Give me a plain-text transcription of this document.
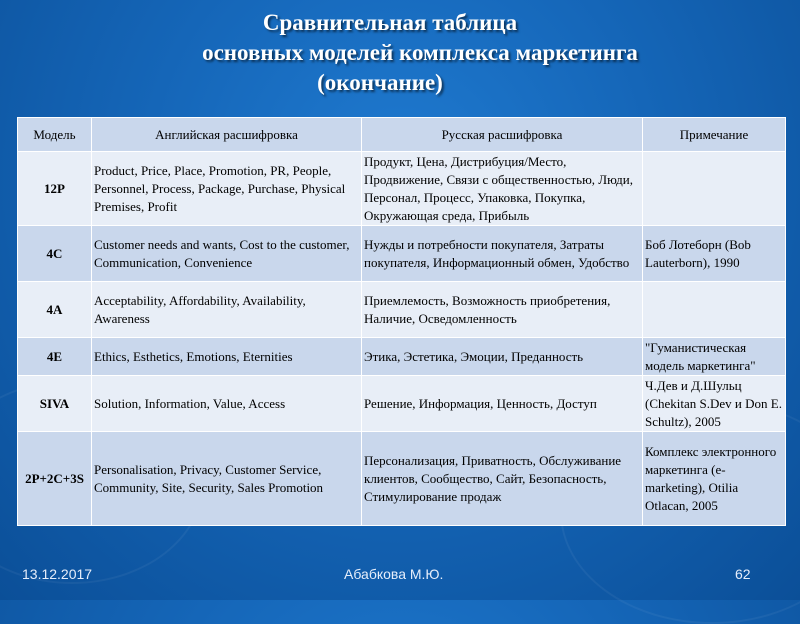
Сравнительная таблица
основных моделей комплекса маркетинга
(окончание)
Модель	Английская расшифровка	Русская расшифровка	Примечание
12P	Product, Price, Place, Promotion, PR, People, Personnel, Process, Package, Purchase, Physical Premises, Profit	Продукт, Цена, Дистрибуция/Место, Продвижение, Связи с общественностью, Люди, Персонал, Процесс, Упаковка, Покупка, Окружающая среда, Прибыль	
4C	Customer needs and wants, Cost to the customer, Communication, Convenience	Нужды и потребности покупателя, Затраты покупателя, Информационный обмен, Удобство	Боб Лотеборн (Bob Lauterborn), 1990
4A	Acceptability, Affordability, Availability, Awareness	Приемлемость, Возможность приобретения, Наличие, Осведомленность	
4E	Ethics, Esthetics, Emotions, Eternities	Этика, Эстетика, Эмоции, Преданность	"Гуманистическая модель маркетинга"
SIVA	Solution, Information, Value, Access	Решение, Информация, Ценность, Доступ	Ч.Дев и Д.Шульц (Chekitan S.Dev и Don E. Schultz), 2005
2P+2C+3S	Personalisation, Privacy, Customer Service, Community, Site, Security, Sales Promotion	Персонализация, Приватность, Обслуживание клиентов, Сообщество, Сайт, Безопасность, Стимулирование продаж	Комплекс электронного маркетинга (e-marketing), Otilia Otlacan, 2005
13.12.2017	Абабкова М.Ю.	62
